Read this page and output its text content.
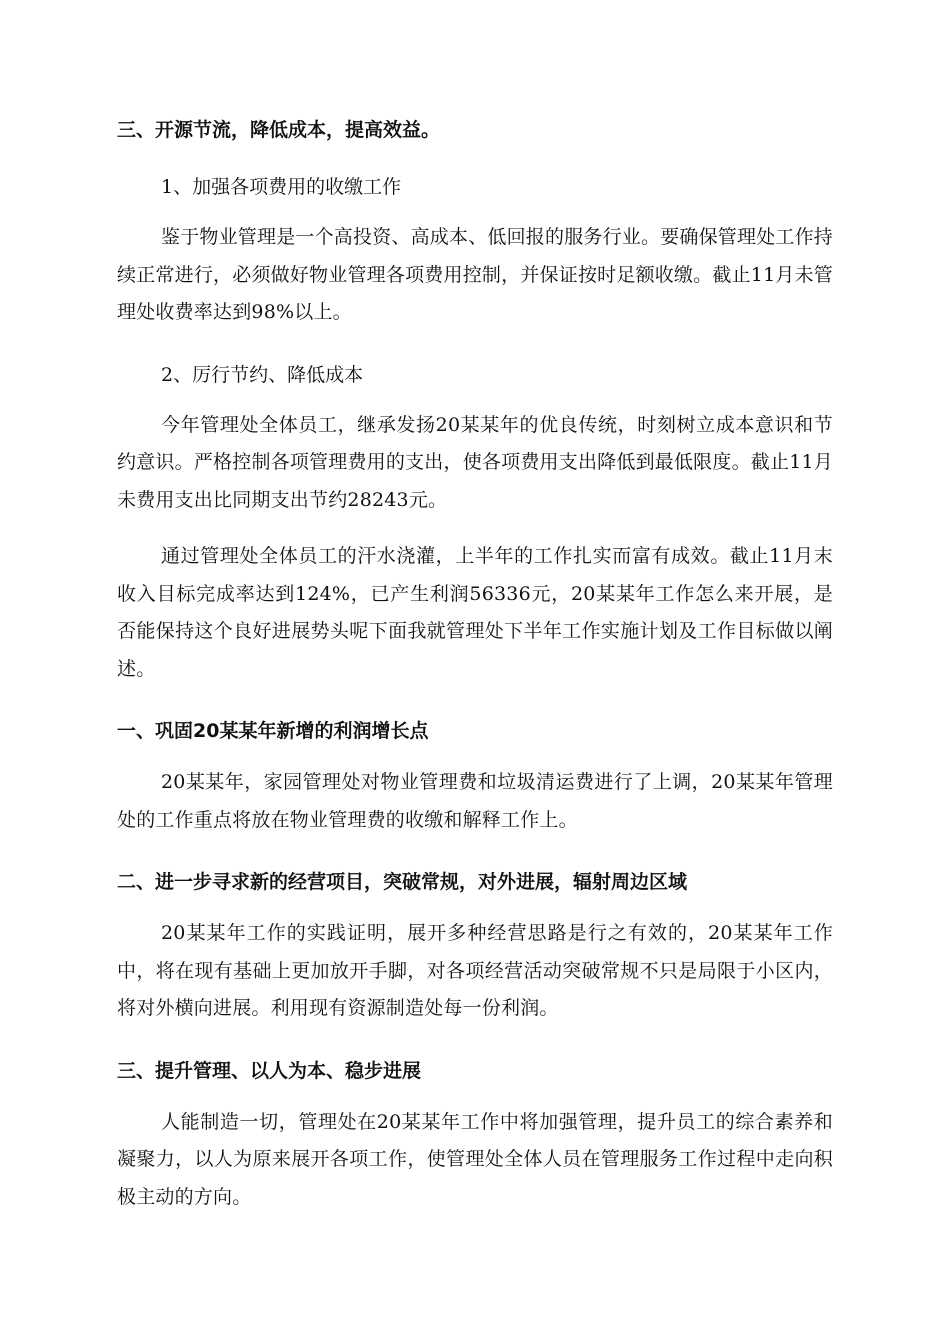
三、开源节流，降低成本，提高效益。
1、加强各项费用的收缴工作
鉴于物业管理是一个高投资、高成本、低回报的服务行业。要确保管理处工作持续正常进行，必须做好物业管理各项费用控制，并保证按时足额收缴。截止11月未管理处收费率达到98%以上。
2、厉行节约、降低成本
今年管理处全体员工，继承发扬20某某年的优良传统，时刻树立成本意识和节约意识。严格控制各项管理费用的支出，使各项费用支出降低到最低限度。截止11月未费用支出比同期支出节约28243元。
通过管理处全体员工的汗水浇灌，上半年的工作扎实而富有成效。截止11月末收入目标完成率达到124%，已产生利润56336元，20某某年工作怎么来开展，是否能保持这个良好进展势头呢下面我就管理处下半年工作实施计划及工作目标做以阐述。
一、巩固20某某年新增的利润增长点
20某某年，家园管理处对物业管理费和垃圾清运费进行了上调，20某某年管理处的工作重点将放在物业管理费的收缴和解释工作上。
二、进一步寻求新的经营项目，突破常规，对外进展，辐射周边区域
20某某年工作的实践证明，展开多种经营思路是行之有效的，20某某年工作中，将在现有基础上更加放开手脚，对各项经营活动突破常规不只是局限于小区内，将对外横向进展。利用现有资源制造处每一份利润。
三、提升管理、以人为本、稳步进展
人能制造一切，管理处在20某某年工作中将加强管理，提升员工的综合素养和凝聚力，以人为原来展开各项工作，使管理处全体人员在管理服务工作过程中走向积极主动的方向。
